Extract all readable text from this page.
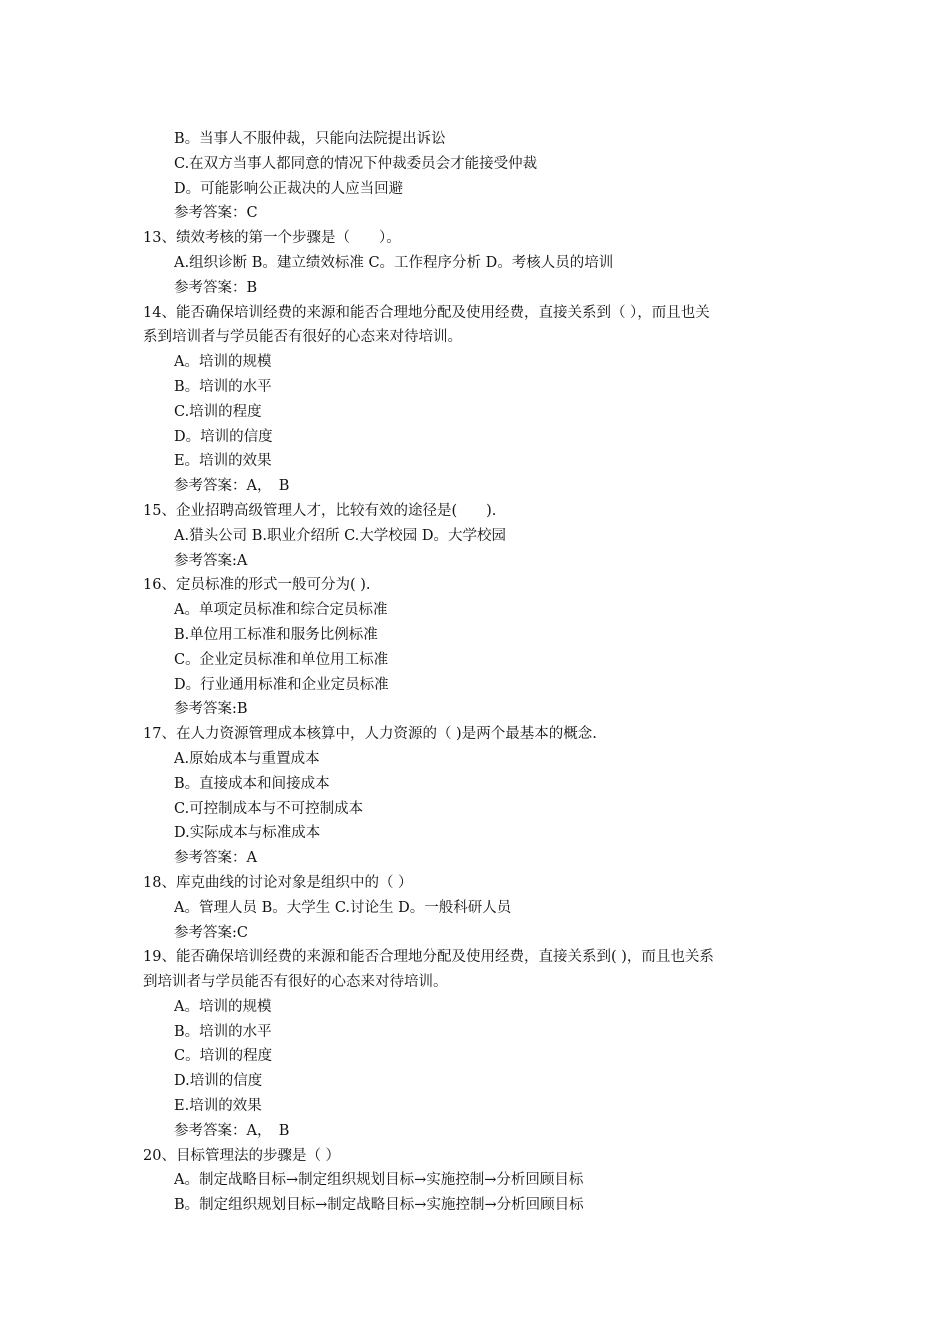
B。当事人不服仲裁，只能向法院提出诉讼
C.在双方当事人都同意的情况下仲裁委员会才能接受仲裁
D。可能影响公正裁决的人应当回避
参考答案：C
13、绩效考核的第一个步骤是（　　）。
A.组织诊断 B。建立绩效标准 C。工作程序分析 D。考核人员的培训
参考答案：B
14、能否确保培训经费的来源和能否合理地分配及使用经费，直接关系到（ ），而且也关
系到培训者与学员能否有很好的心态来对待培训。
A。培训的规模
B。培训的水平
C.培训的程度
D。培训的信度
E。培训的效果
参考答案：A，　B
15、企业招聘高级管理人才，比较有效的途径是(　　).
A.猎头公司 B.职业介绍所 C.大学校园 D。大学校园
参考答案:A
16、定员标准的形式一般可分为( ).
A。单项定员标准和综合定员标准
B.单位用工标准和服务比例标准
C。企业定员标准和单位用工标准
D。行业通用标准和企业定员标准
参考答案:B
17、在人力资源管理成本核算中，人力资源的（ )是两个最基本的概念.
A.原始成本与重置成本
B。直接成本和间接成本
C.可控制成本与不可控制成本
D.实际成本与标准成本
参考答案：A
18、库克曲线的讨论对象是组织中的（ ）
A。管理人员 B。大学生 C.讨论生 D。一般科研人员
参考答案:C
19、能否确保培训经费的来源和能否合理地分配及使用经费，直接关系到( )，而且也关系
到培训者与学员能否有很好的心态来对待培训。
A。培训的规模
B。培训的水平
C。培训的程度
D.培训的信度
E.培训的效果
参考答案：A，　B
20、目标管理法的步骤是（ ）
A。制定战略目标→制定组织规划目标→实施控制→分析回顾目标
B。制定组织规划目标→制定战略目标→实施控制→分析回顾目标
